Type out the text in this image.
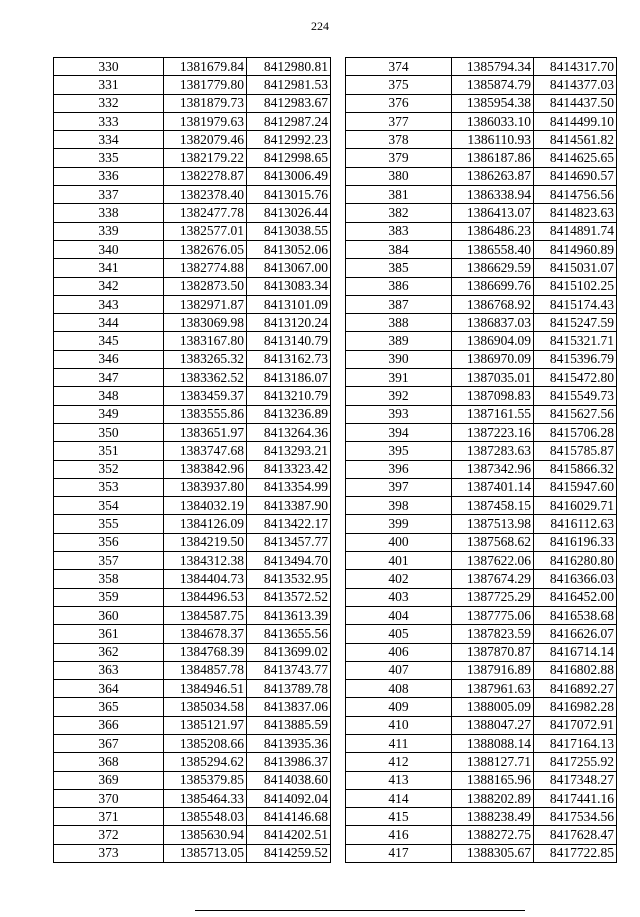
224
330	1381679.84	8412980.81
331	1381779.80	8412981.53
332	1381879.73	8412983.67
333	1381979.63	8412987.24
334	1382079.46	8412992.23
335	1382179.22	8412998.65
336	1382278.87	8413006.49
337	1382378.40	8413015.76
338	1382477.78	8413026.44
339	1382577.01	8413038.55
340	1382676.05	8413052.06
341	1382774.88	8413067.00
342	1382873.50	8413083.34
343	1382971.87	8413101.09
344	1383069.98	8413120.24
345	1383167.80	8413140.79
346	1383265.32	8413162.73
347	1383362.52	8413186.07
348	1383459.37	8413210.79
349	1383555.86	8413236.89
350	1383651.97	8413264.36
351	1383747.68	8413293.21
352	1383842.96	8413323.42
353	1383937.80	8413354.99
354	1384032.19	8413387.90
355	1384126.09	8413422.17
356	1384219.50	8413457.77
357	1384312.38	8413494.70
358	1384404.73	8413532.95
359	1384496.53	8413572.52
360	1384587.75	8413613.39
361	1384678.37	8413655.56
362	1384768.39	8413699.02
363	1384857.78	8413743.77
364	1384946.51	8413789.78
365	1385034.58	8413837.06
366	1385121.97	8413885.59
367	1385208.66	8413935.36
368	1385294.62	8413986.37
369	1385379.85	8414038.60
370	1385464.33	8414092.04
371	1385548.03	8414146.68
372	1385630.94	8414202.51
373	1385713.05	8414259.52
374	1385794.34	8414317.70
375	1385874.79	8414377.03
376	1385954.38	8414437.50
377	1386033.10	8414499.10
378	1386110.93	8414561.82
379	1386187.86	8414625.65
380	1386263.87	8414690.57
381	1386338.94	8414756.56
382	1386413.07	8414823.63
383	1386486.23	8414891.74
384	1386558.40	8414960.89
385	1386629.59	8415031.07
386	1386699.76	8415102.25
387	1386768.92	8415174.43
388	1386837.03	8415247.59
389	1386904.09	8415321.71
390	1386970.09	8415396.79
391	1387035.01	8415472.80
392	1387098.83	8415549.73
393	1387161.55	8415627.56
394	1387223.16	8415706.28
395	1387283.63	8415785.87
396	1387342.96	8415866.32
397	1387401.14	8415947.60
398	1387458.15	8416029.71
399	1387513.98	8416112.63
400	1387568.62	8416196.33
401	1387622.06	8416280.80
402	1387674.29	8416366.03
403	1387725.29	8416452.00
404	1387775.06	8416538.68
405	1387823.59	8416626.07
406	1387870.87	8416714.14
407	1387916.89	8416802.88
408	1387961.63	8416892.27
409	1388005.09	8416982.28
410	1388047.27	8417072.91
411	1388088.14	8417164.13
412	1388127.71	8417255.92
413	1388165.96	8417348.27
414	1388202.89	8417441.16
415	1388238.49	8417534.56
416	1388272.75	8417628.47
417	1388305.67	8417722.85
